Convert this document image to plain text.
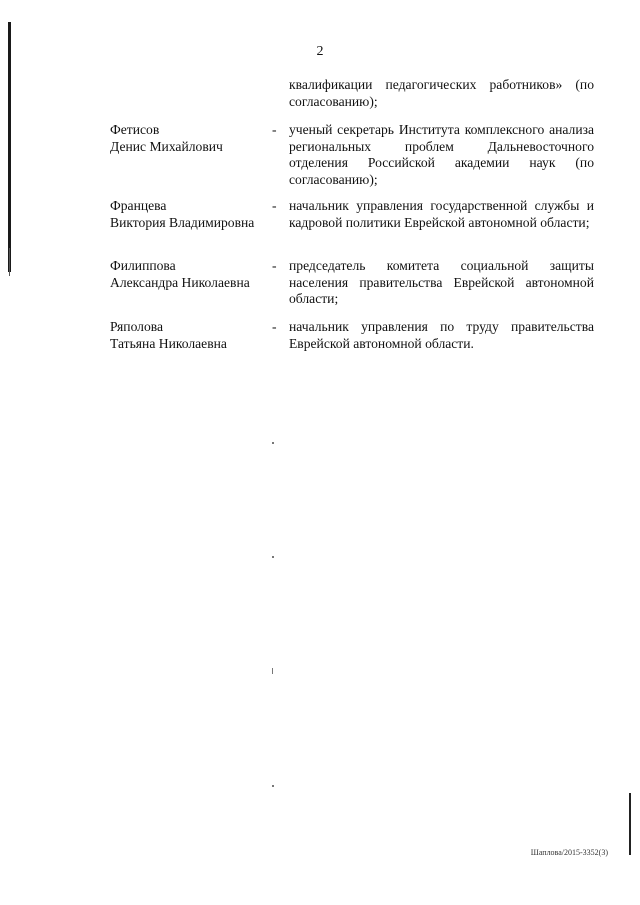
2
квалификации педагогических работников» (по согласованию);
Фетисов
Денис Михайлович
- ученый секретарь Института комплексного анализа региональных проблем Дальневосточного отделения Российской академии наук (по согласованию);
Францева
Виктория Владимировна
- начальник управления государственной службы и кадровой политики Еврейской автономной области;
Филиппова
Александра Николаевна
- председатель комитета социальной защиты населения правительства Еврейской автономной области;
Ряполова
Татьяна Николаевна
- начальник управления по труду правительства Еврейской автономной области.
Шаплова/2015-3352(3)
